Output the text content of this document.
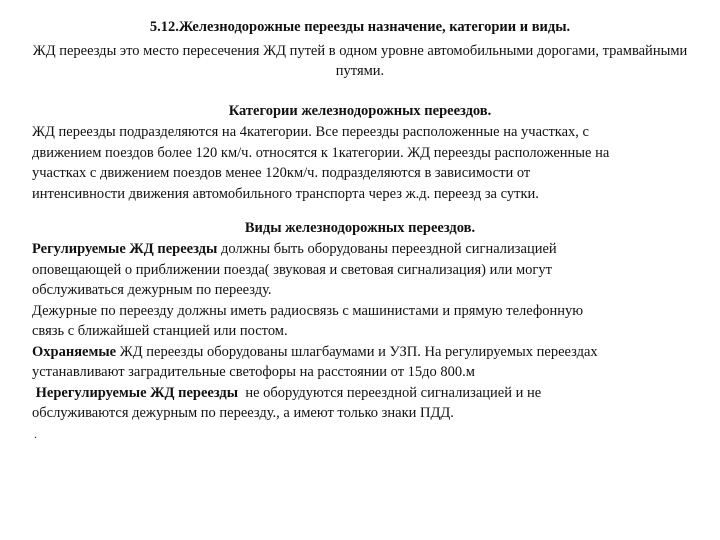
5.12.Железнодорожные переезды назначение, категории и виды.

ЖД переезды это место пересечения ЖД путей в одном уровне автомобильными дорогами, трамвайными путями.

Категории железнодорожных переездов.

ЖД переезды подразделяются на 4категории. Все переезды расположенные на участках, с
движением поездов более 120 км/ч. относятся к 1категории. ЖД переезды расположенные на
участках с движением поездов менее 120км/ч. подразделяются в зависимости от
интенсивности движения автомобильного транспорта через ж.д. переезд за сутки.

Виды железнодорожных переездов.

Регулируемые ЖД переезды должны быть оборудованы переездной сигнализацией
оповещающей о приближении поезда( звуковая и световая сигнализация) или могут
обслуживаться дежурным по переезду.
Дежурные по переезду должны иметь радиосвязь с машинистами и прямую телефонную
связь с ближайшей станцией или постом.
Охраняемые ЖД переезды оборудованы шлагбаумами и УЗП. На регулируемых переездах
устанавливают заградительные светофоры на расстоянии от 15до 800.м
Нерегулируемые ЖД переезды  не оборудуются переездной сигнализацией и не
обслуживаются дежурным по переезду., а имеют только знаки ПДД.

.
